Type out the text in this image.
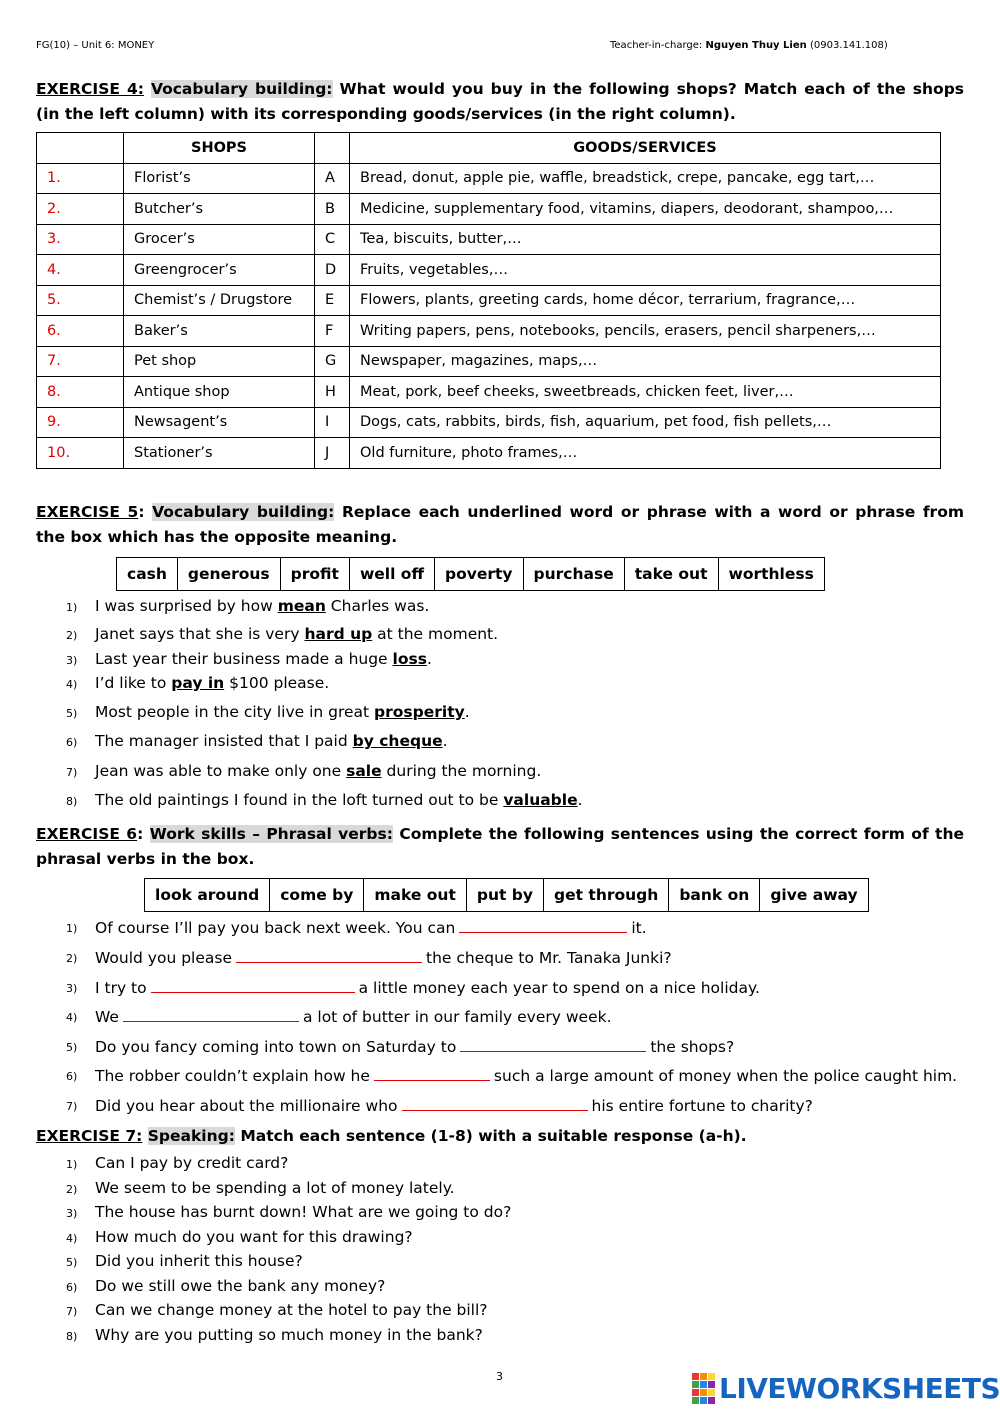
FG(10) – Unit 6: MONEY	Teacher-in-charge: Nguyen Thuy Lien (0903.141.108)
EXERCISE 4: Vocabulary building: What would you buy in the following shops? Match each of the shops (in the left column) with its corresponding goods/services (in the right column).
	SHOPS		GOODS/SERVICES
1.	Florist’s	A	Bread, donut, apple pie, waffle, breadstick, crepe, pancake, egg tart,…
2.	Butcher’s	B	Medicine, supplementary food, vitamins, diapers, deodorant, shampoo,…
3.	Grocer’s	C	Tea, biscuits, butter,…
4.	Greengrocer’s	D	Fruits, vegetables,…
5.	Chemist’s / Drugstore	E	Flowers, plants, greeting cards, home décor, terrarium, fragrance,…
6.	Baker’s	F	Writing papers, pens, notebooks, pencils, erasers, pencil sharpeners,…
7.	Pet shop	G	Newspaper, magazines, maps,…
8.	Antique shop	H	Meat, pork, beef cheeks, sweetbreads, chicken feet, liver,…
9.	Newsagent’s	I	Dogs, cats, rabbits, birds, fish, aquarium, pet food, fish pellets,…
10.	Stationer’s	J	Old furniture, photo frames,…
EXERCISE 5: Vocabulary building: Replace each underlined word or phrase with a word or phrase from the box which has the opposite meaning.
cash	generous	profit	well off	poverty	purchase	take out	worthless
1) I was surprised by how mean Charles was.
2) Janet says that she is very hard up at the moment.
3) Last year their business made a huge loss.
4) I’d like to pay in $100 please.
5) Most people in the city live in great prosperity.
6) The manager insisted that I paid by cheque.
7) Jean was able to make only one sale during the morning.
8) The old paintings I found in the loft turned out to be valuable.
EXERCISE 6: Work skills – Phrasal verbs: Complete the following sentences using the correct form of the phrasal verbs in the box.
look around	come by	make out	put by	get through	bank on	give away
1) Of course I’ll pay you back next week. You can	it.
2) Would you please	the cheque to Mr. Tanaka Junki?
3) I try to	a little money each year to spend on a nice holiday.
4) We	a lot of butter in our family every week.
5) Do you fancy coming into town on Saturday to	the shops?
6) The robber couldn’t explain how he	such a large amount of money when the police caught him.
7) Did you hear about the millionaire who	his entire fortune to charity?
EXERCISE 7: Speaking: Match each sentence (1-8) with a suitable response (a-h).
1) Can I pay by credit card?
2) We seem to be spending a lot of money lately.
3) The house has burnt down! What are we going to do?
4) How much do you want for this drawing?
5) Did you inherit this house?
6) Do we still owe the bank any money?
7) Can we change money at the hotel to pay the bill?
8) Why are you putting so much money in the bank?
3	LIVEWORKSHEETS
